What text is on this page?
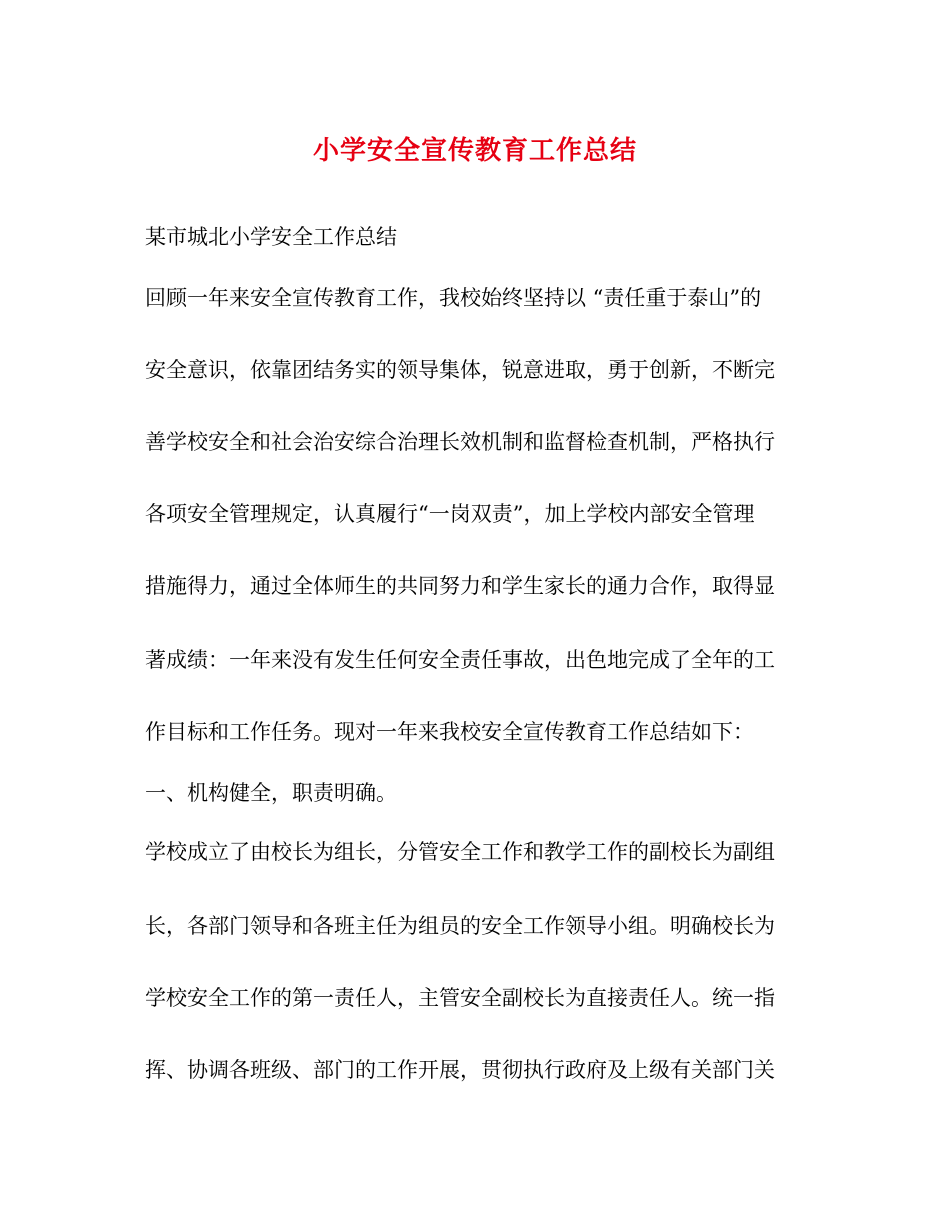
小学安全宣传教育工作总结
某市城北小学安全工作总结
回顾一年来安全宣传教育工作，我校始终坚持以 “责任重于泰山”的
安全意识，依靠团结务实的领导集体，锐意进取，勇于创新，不断完
善学校安全和社会治安综合治理长效机制和监督检查机制，严格执行
各项安全管理规定，认真履行“一岗双责”，加上学校内部安全管理
措施得力，通过全体师生的共同努力和学生家长的通力合作，取得显
著成绩：一年来没有发生任何安全责任事故，出色地完成了全年的工
作目标和工作任务。现对一年来我校安全宣传教育工作总结如下：
一、机构健全，职责明确。
学校成立了由校长为组长，分管安全工作和教学工作的副校长为副组
长，各部门领导和各班主任为组员的安全工作领导小组。明确校长为
学校安全工作的第一责任人，主管安全副校长为直接责任人。统一指
挥、协调各班级、部门的工作开展，贯彻执行政府及上级有关部门关
